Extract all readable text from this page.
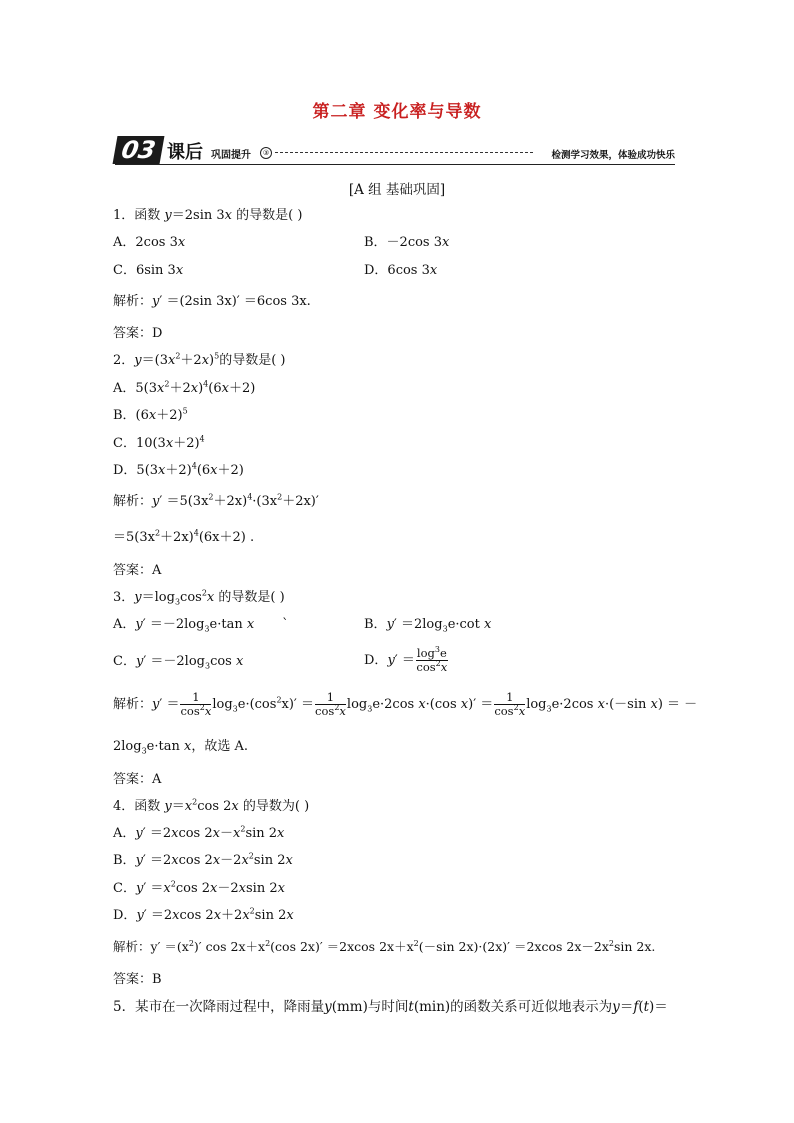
第二章 变化率与导数
03 课后 巩固提升	③	检测学习效果，体验成功快乐
[A 组 基础巩固]
1．函数 y＝2sin 3x 的导数是( )
A．2cos 3x	B．－2cos 3x
C．6sin 3x	D．6cos 3x
解析：y′ ＝(2sin 3x)′ ＝6cos 3x.
答案：D
2．$y=(3x^2+2x)^5$的导数是( )
A．$5(3x^2+2x)^4(6x+2)$
B．$(6x+2)^5$
C．$10(3x+2)^4$
D．$5(3x+2)^4(6x+2)$
解析：$y' =5(3x^2+2x)^4\cdot(3x^2+2x)'$
$=5(3x^2+2x)^4(6x+2)$ .
答案：A
3．$y=\log_3\cos^2x$ 的导数是( )
A．$y' =-2\log_3e\cdot\tan$ x `	B．$y' =2\log_3e\cdot\cot$ x
C．$y' =-2\log_3\cos$ x	D．$y' = \frac{\log^3e}{\cos^2x}$
解析：$y' = \frac{1}{\cos^2x} \log_3e\cdot(\cos^2x)' = \frac{1}{\cos^2x} \log_3e\cdot 2\cos$ x·(cos $x)' = \frac{1}{\cos^2x} \log_3e\cdot 2\cos$ x·(－sin x) ＝ －
$2\log_3e\cdot\tan$ x，故选 A.
答案：A
4．函数 $y=x^2\cos$ 2x 的导数为( )
A．y′ ＝2xcos $2x-x^2\sin$ 2x
B．y′ ＝2xcos $2x-2x^2\sin$ 2x
C．$y' =x^2\cos$ 2x－2xsin 2x
D．y′ ＝2xcos $2x+2x^2\sin$ 2x
解析：$y' =(x^2)'$ $\cos 2x+x^2(\cos$ 2x)′ ＝2xcos $2x+x^2(-\sin$ 2x)·(2x)′ ＝2xcos $2x-2x^2\sin$ 2x.
答案：B
5．某市在一次降雨过程中，降雨量y(mm)与时间t(min)的函数关系可近似地表示为y＝f(t)＝
